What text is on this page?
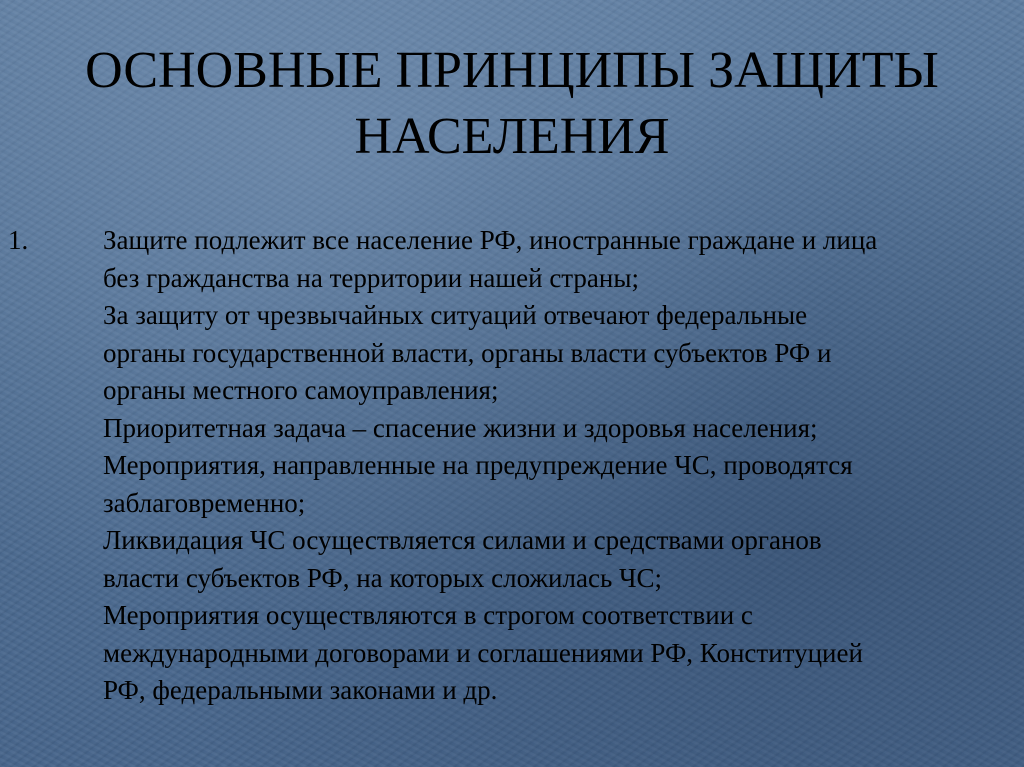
ОСНОВНЫЕ ПРИНЦИПЫ ЗАЩИТЫ
НАСЕЛЕНИЯ
1.	Защите подлежит все население РФ, иностранные граждане и лица
без гражданства на территории нашей страны;
За защиту от чрезвычайных ситуаций отвечают федеральные
органы государственной власти, органы власти субъектов РФ и
органы местного самоуправления;
Приоритетная задача – спасение жизни и здоровья населения;
Мероприятия, направленные на предупреждение ЧС, проводятся
заблаговременно;
Ликвидация ЧС осуществляется силами и средствами органов
власти субъектов РФ, на которых сложилась ЧС;
Мероприятия осуществляются в строгом соответствии с
международными договорами и соглашениями РФ, Конституцией
РФ, федеральными законами и др.
